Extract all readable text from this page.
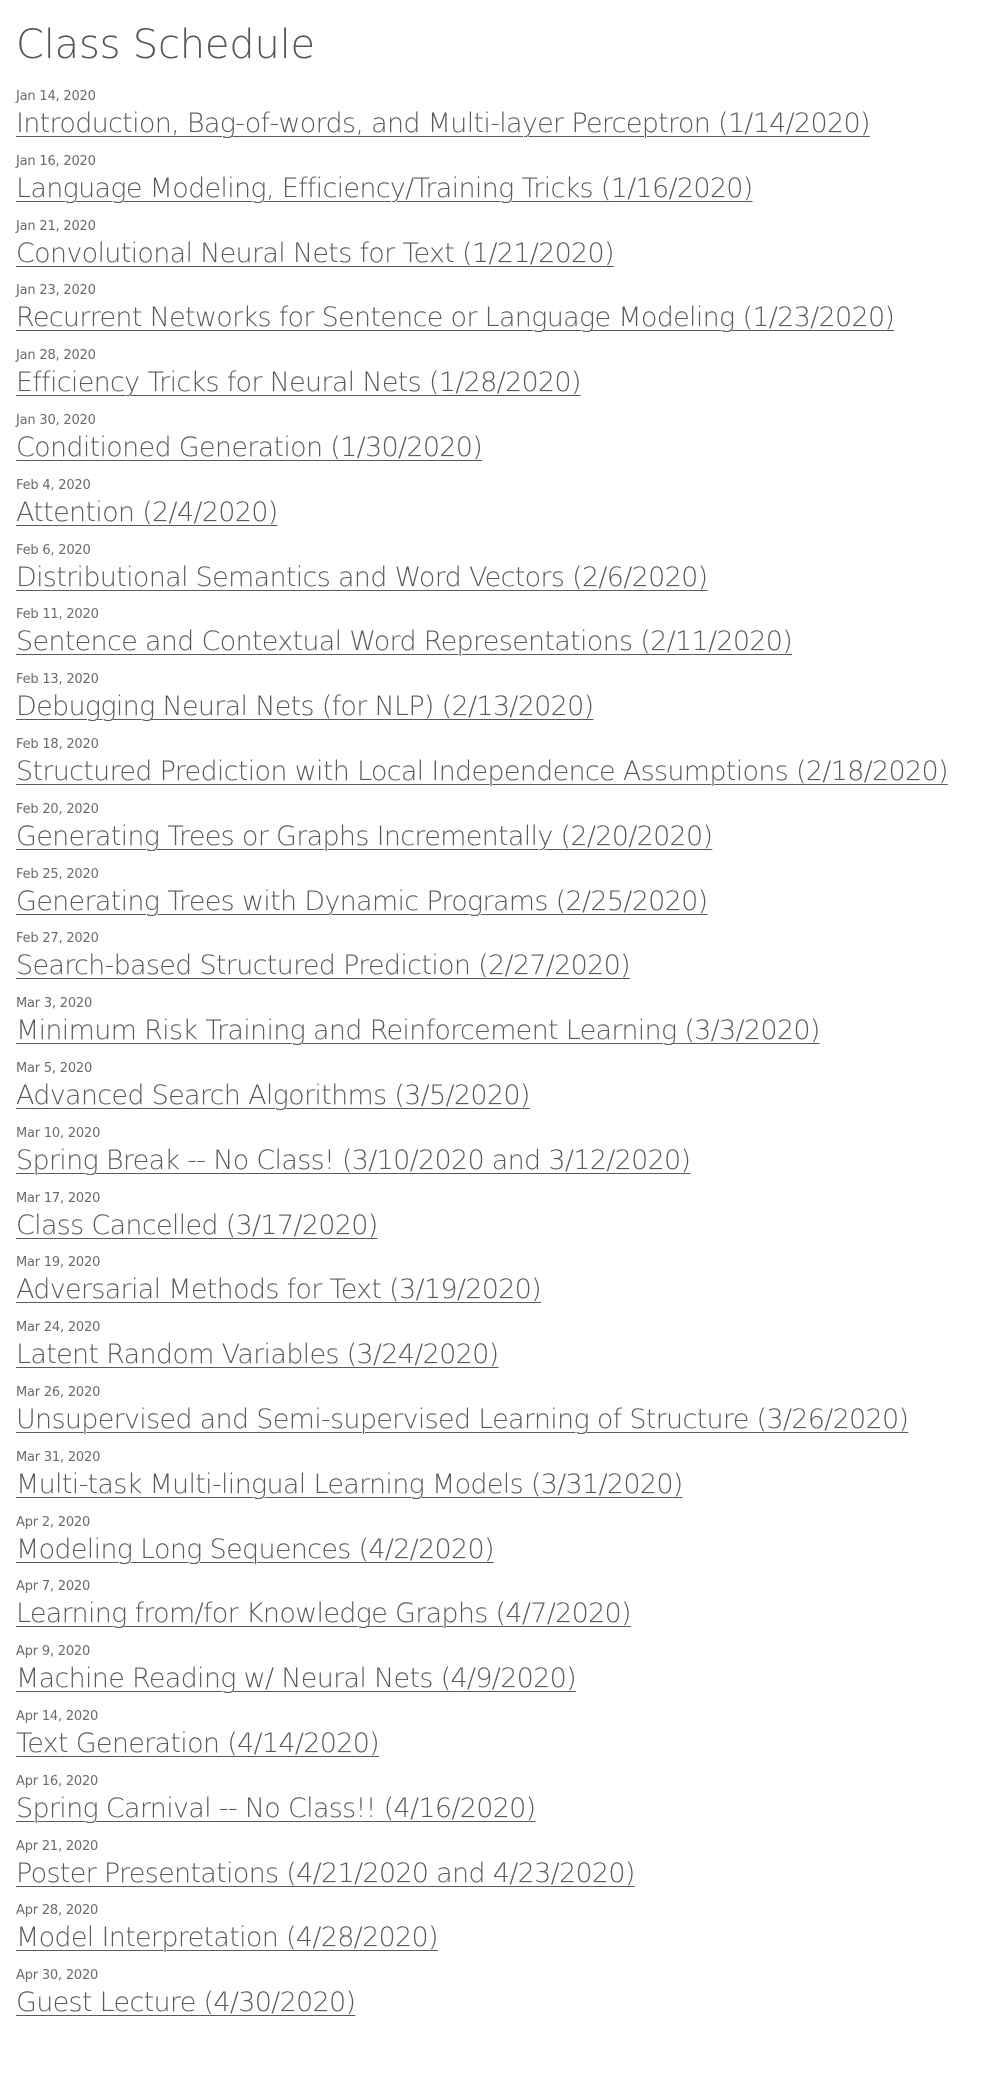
Class Schedule
Jan 14, 2020
Introduction, Bag-of-words, and Multi-layer Perceptron (1/14/2020)
Jan 16, 2020
Language Modeling, Efficiency/Training Tricks (1/16/2020)
Jan 21, 2020
Convolutional Neural Nets for Text (1/21/2020)
Jan 23, 2020
Recurrent Networks for Sentence or Language Modeling (1/23/2020)
Jan 28, 2020
Efficiency Tricks for Neural Nets (1/28/2020)
Jan 30, 2020
Conditioned Generation (1/30/2020)
Feb 4, 2020
Attention (2/4/2020)
Feb 6, 2020
Distributional Semantics and Word Vectors (2/6/2020)
Feb 11, 2020
Sentence and Contextual Word Representations (2/11/2020)
Feb 13, 2020
Debugging Neural Nets (for NLP) (2/13/2020)
Feb 18, 2020
Structured Prediction with Local Independence Assumptions (2/18/2020)
Feb 20, 2020
Generating Trees or Graphs Incrementally (2/20/2020)
Feb 25, 2020
Generating Trees with Dynamic Programs (2/25/2020)
Feb 27, 2020
Search-based Structured Prediction (2/27/2020)
Mar 3, 2020
Minimum Risk Training and Reinforcement Learning (3/3/2020)
Mar 5, 2020
Advanced Search Algorithms (3/5/2020)
Mar 10, 2020
Spring Break -- No Class! (3/10/2020 and 3/12/2020)
Mar 17, 2020
Class Cancelled (3/17/2020)
Mar 19, 2020
Adversarial Methods for Text (3/19/2020)
Mar 24, 2020
Latent Random Variables (3/24/2020)
Mar 26, 2020
Unsupervised and Semi-supervised Learning of Structure (3/26/2020)
Mar 31, 2020
Multi-task Multi-lingual Learning Models (3/31/2020)
Apr 2, 2020
Modeling Long Sequences (4/2/2020)
Apr 7, 2020
Learning from/for Knowledge Graphs (4/7/2020)
Apr 9, 2020
Machine Reading w/ Neural Nets (4/9/2020)
Apr 14, 2020
Text Generation (4/14/2020)
Apr 16, 2020
Spring Carnival -- No Class!! (4/16/2020)
Apr 21, 2020
Poster Presentations (4/21/2020 and 4/23/2020)
Apr 28, 2020
Model Interpretation (4/28/2020)
Apr 30, 2020
Guest Lecture (4/30/2020)
